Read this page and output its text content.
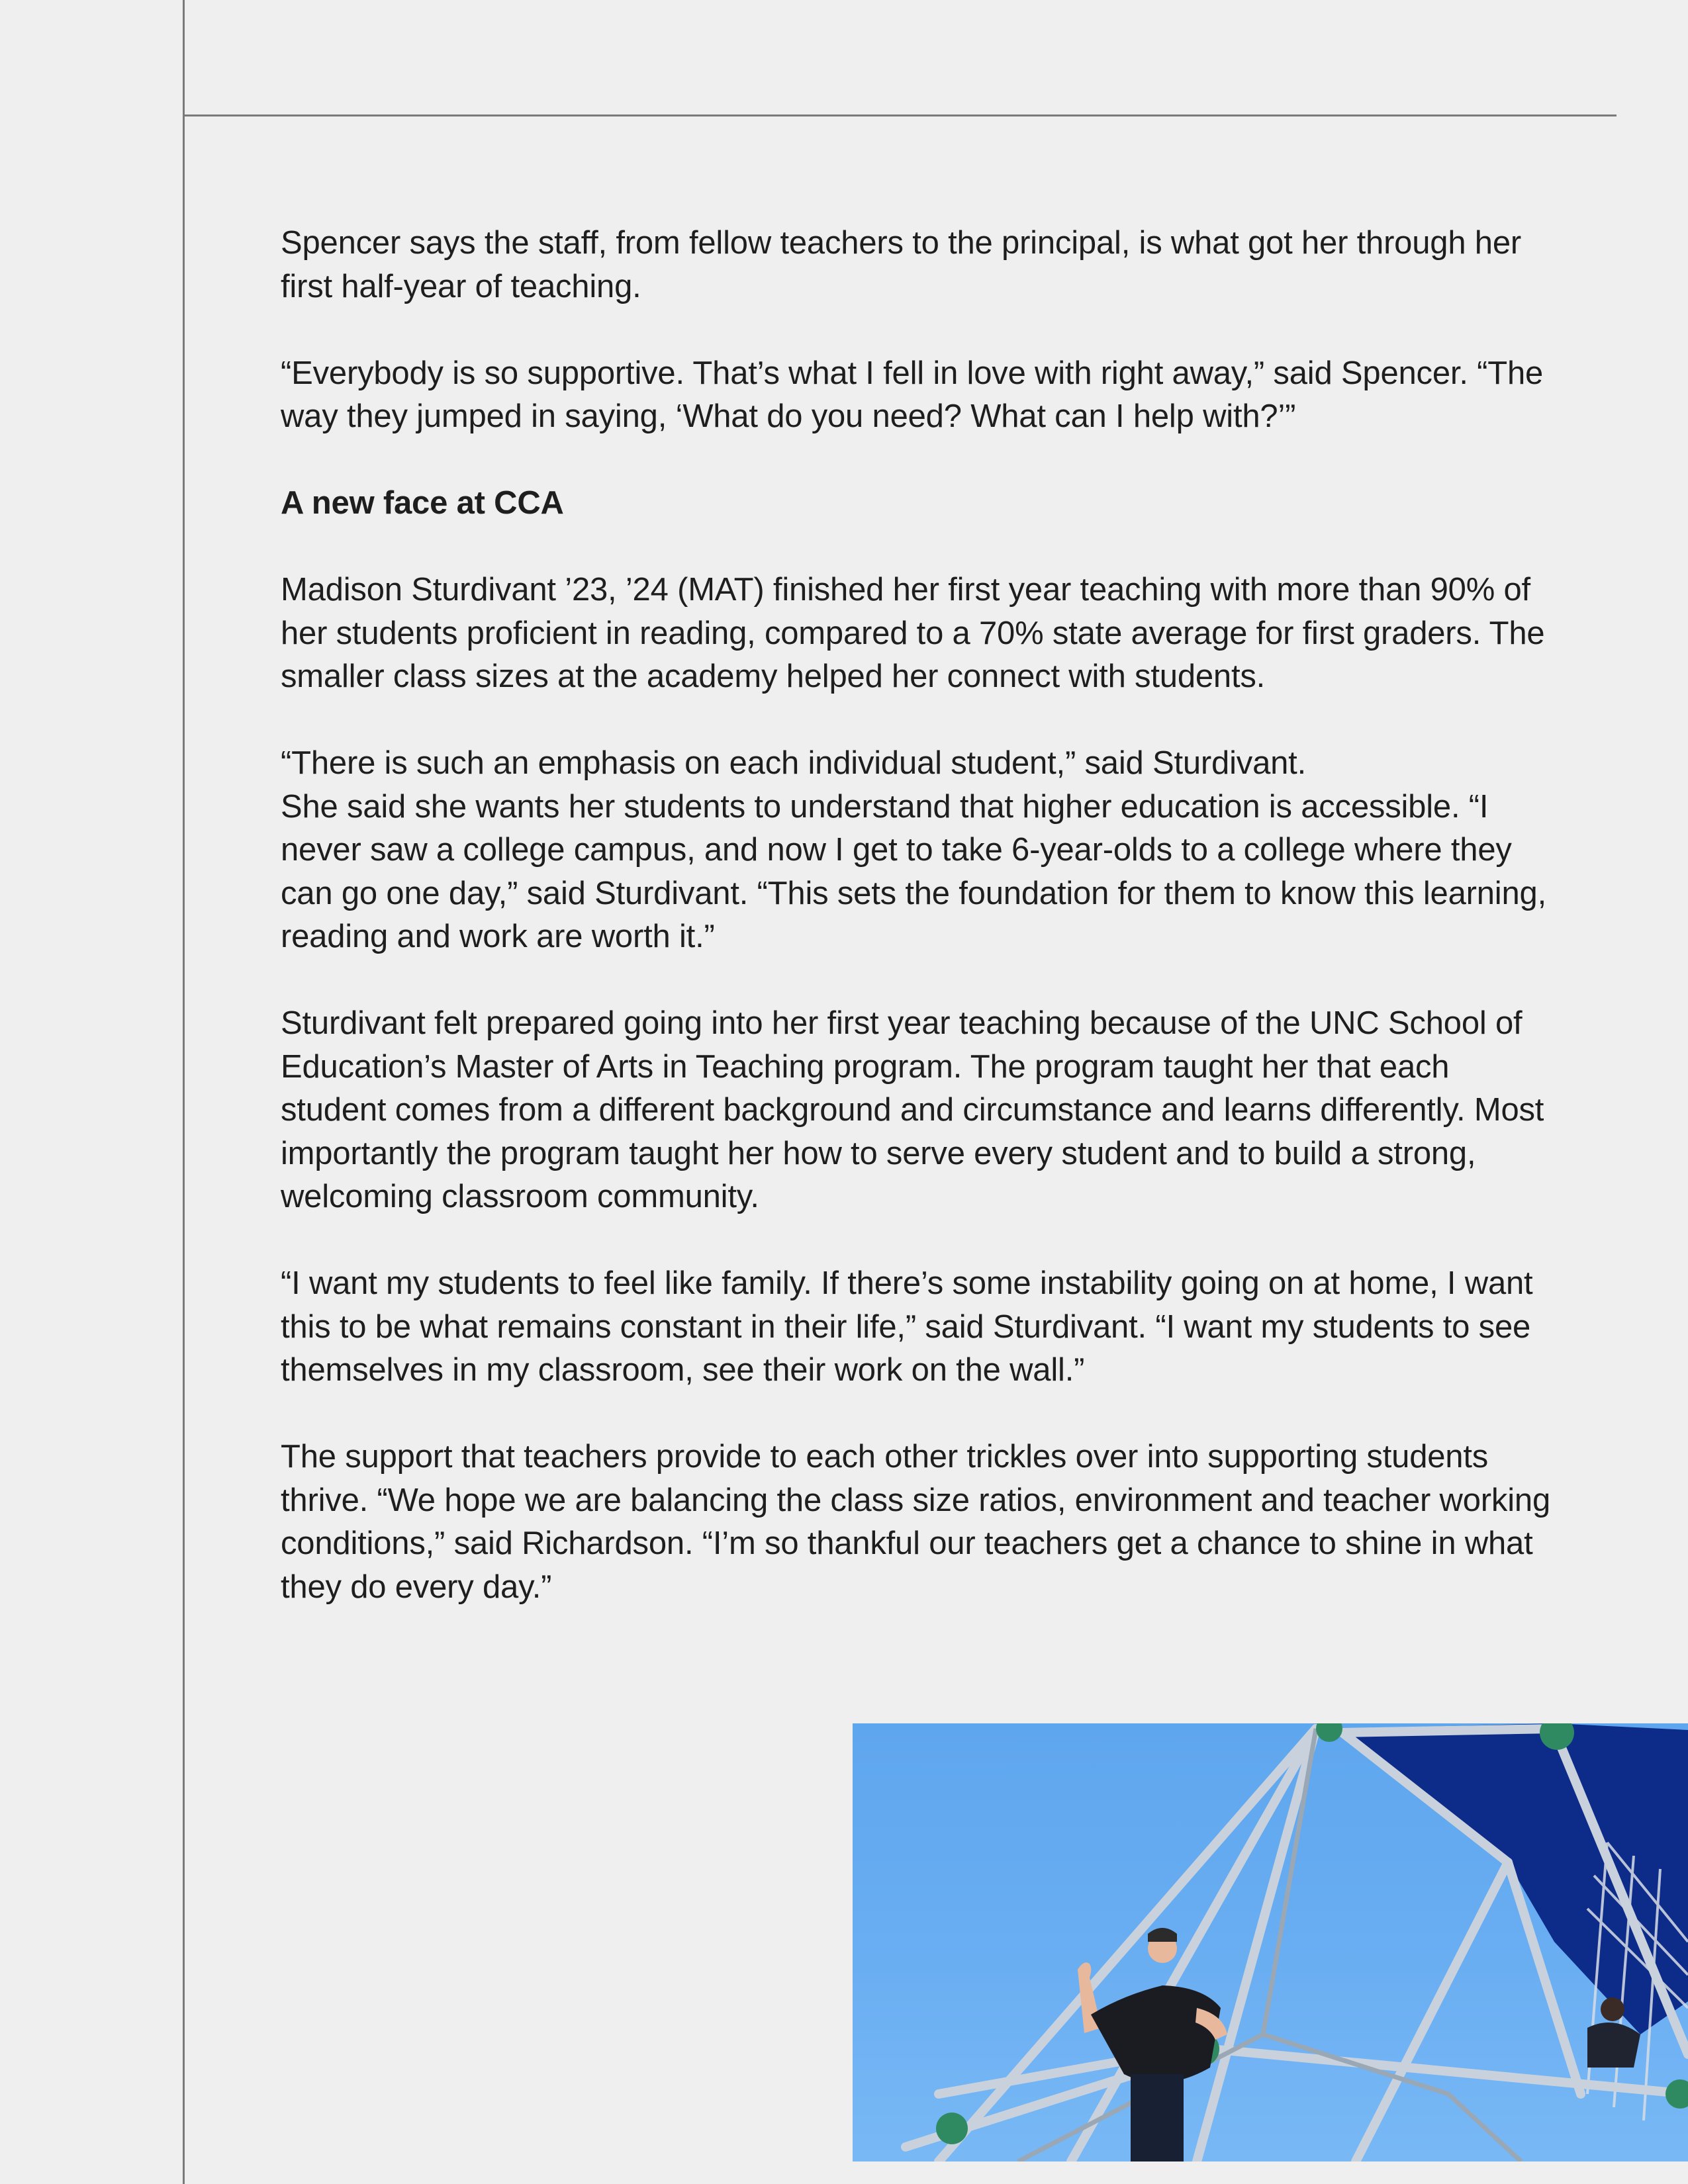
Spencer says the staff, from fellow teachers to the principal, is what got her through her first half-year of teaching.

“Everybody is so supportive. That’s what I fell in love with right away,” said Spencer. “The way they jumped in saying, ‘What do you need? What can I help with?’”

A new face at CCA

Madison Sturdivant ’23, ’24 (MAT) finished her first year teaching with more than 90% of her students proficient in reading, compared to a 70% state average for first graders. The smaller class sizes at the academy helped her connect with students.

“There is such an emphasis on each individual student,” said Sturdivant.

She said she wants her students to understand that higher education is accessible. “I never saw a college campus, and now I get to take 6-year-olds to a college where they can go one day,” said Sturdivant. “This sets the foundation for them to know this learning, reading and work are worth it.”

Sturdivant felt prepared going into her first year teaching because of the UNC School of Education’s Master of Arts in Teaching program. The program taught her that each student comes from a different background and circumstance and learns differently. Most importantly the program taught her how to serve every student and to build a strong, welcoming classroom community.

“I want my students to feel like family. If there’s some instability going on at home, I want this to be what remains constant in their life,” said Sturdivant. “I want my students to see themselves in my classroom, see their work on the wall.”

The support that teachers provide to each other trickles over into supporting students thrive. “We hope we are balancing the class size ratios, environment and teacher working conditions,” said Richardson. “I’m so thankful our teachers get a chance to shine in what they do every day.”
